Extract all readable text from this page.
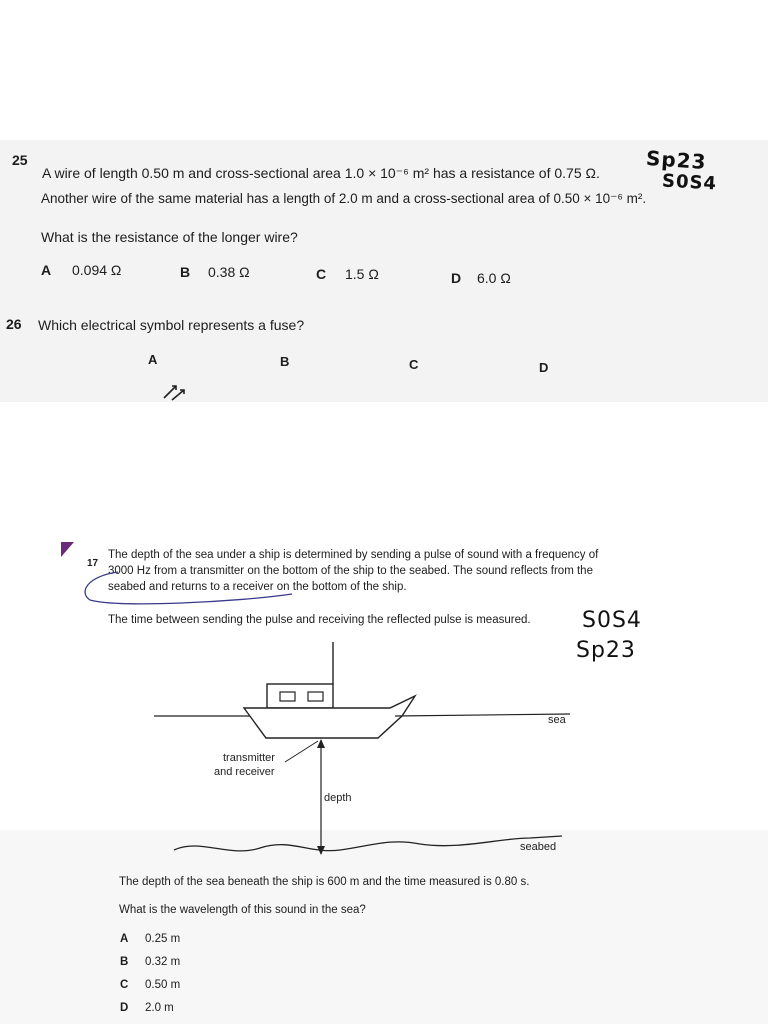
25
A wire of length 0.50 m and cross-sectional area 1.0 × 10⁻⁶ m² has a resistance of 0.75 Ω.
Another wire of the same material has a length of 2.0 m and a cross-sectional area of 0.50 × 10⁻⁶ m².
What is the resistance of the longer wire?
A 0.094 Ω	B 0.38 Ω	C 1.5 Ω	D 6.0 Ω
Sp23
S0S4
26 Which electrical symbol represents a fuse?
A	B	C	D
17
The depth of the sea under a ship is determined by sending a pulse of sound with a frequency of
3000 Hz from a transmitter on the bottom of the ship to the seabed. The sound reflects from the
seabed and returns to a receiver on the bottom of the ship.
The time between sending the pulse and receiving the reflected pulse is measured. S0S4
Sp23
sea
transmitter
and receiver
depth
seabed
The depth of the sea beneath the ship is 600 m and the time measured is 0.80 s.
What is the wavelength of this sound in the sea?
A 0.25 m
B 0.32 m
C 0.50 m
D 2.0 m
